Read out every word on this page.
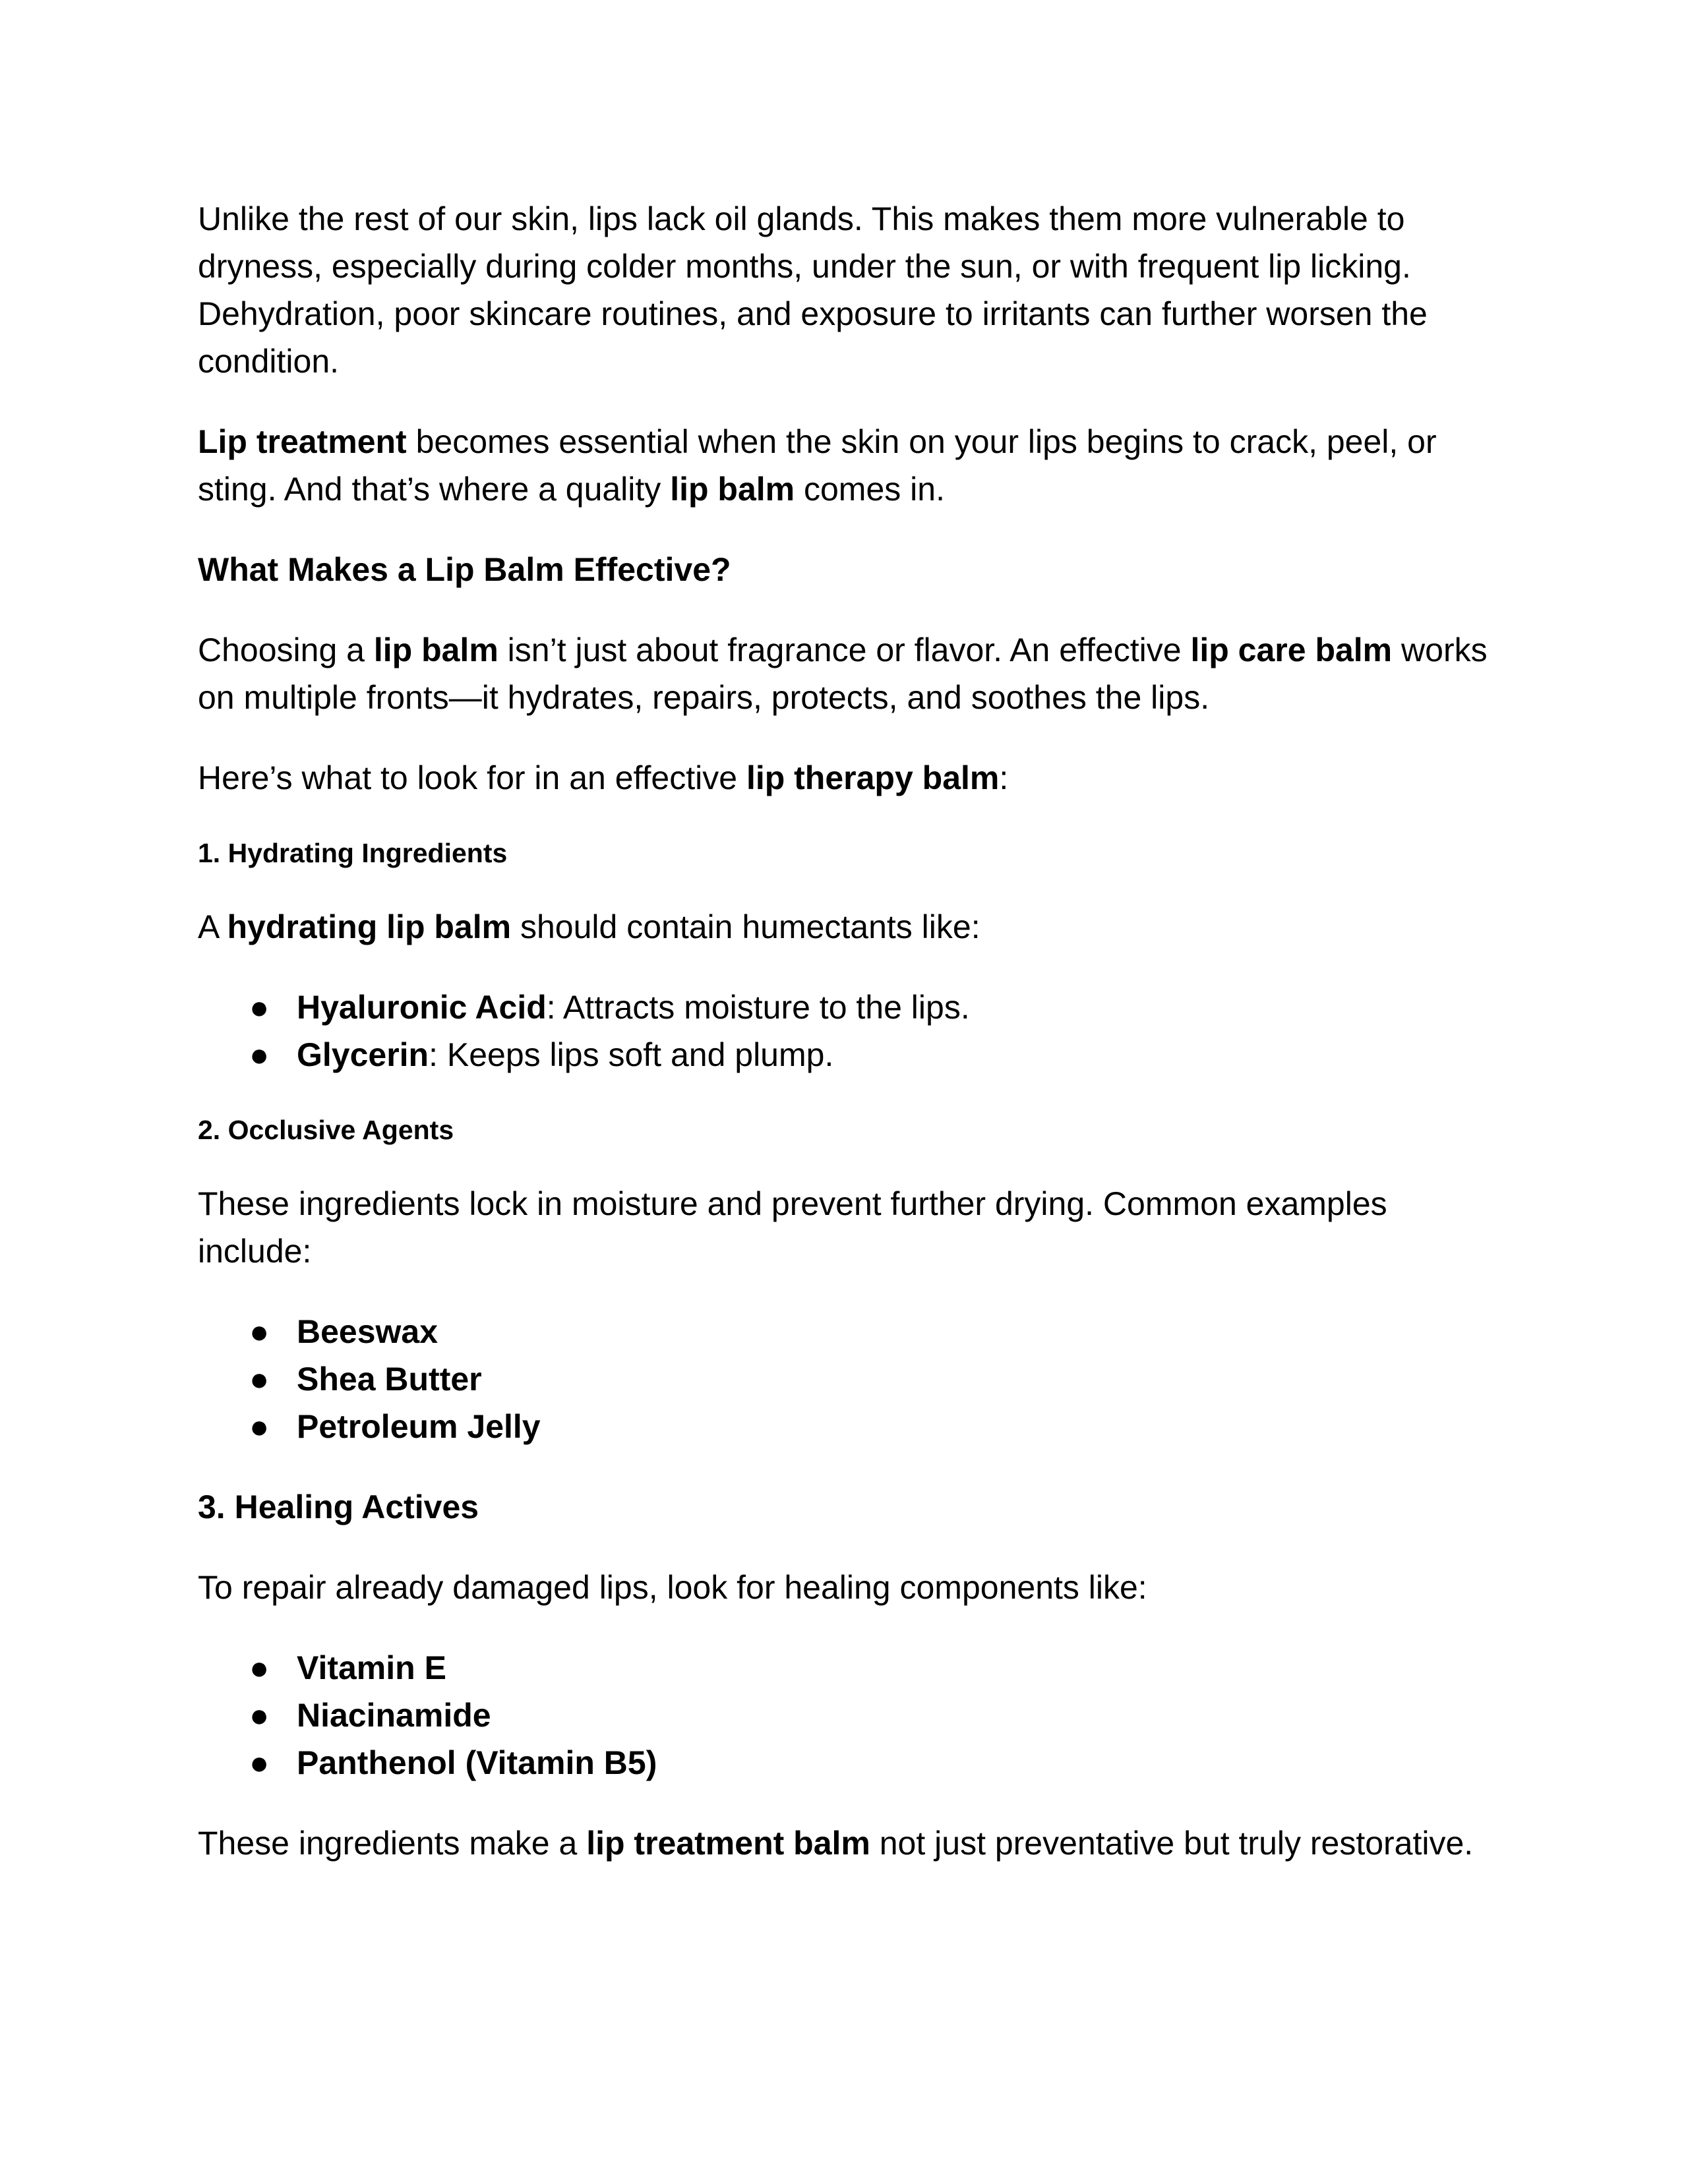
Unlike the rest of our skin, lips lack oil glands. This makes them more vulnerable to dryness, especially during colder months, under the sun, or with frequent lip licking. Dehydration, poor skincare routines, and exposure to irritants can further worsen the condition.

Lip treatment becomes essential when the skin on your lips begins to crack, peel, or sting. And that’s where a quality lip balm comes in.

What Makes a Lip Balm Effective?

Choosing a lip balm isn’t just about fragrance or flavor. An effective lip care balm works on multiple fronts—it hydrates, repairs, protects, and soothes the lips.

Here’s what to look for in an effective lip therapy balm:

1. Hydrating Ingredients

A hydrating lip balm should contain humectants like:

● Hyaluronic Acid: Attracts moisture to the lips.
● Glycerin: Keeps lips soft and plump.
2. Occlusive Agents

These ingredients lock in moisture and prevent further drying. Common examples include:

● Beeswax
● Shea Butter
● Petroleum Jelly
3. Healing Actives

To repair already damaged lips, look for healing components like:

● Vitamin E
● Niacinamide
● Panthenol (Vitamin B5)

These ingredients make a lip treatment balm not just preventative but truly restorative.
